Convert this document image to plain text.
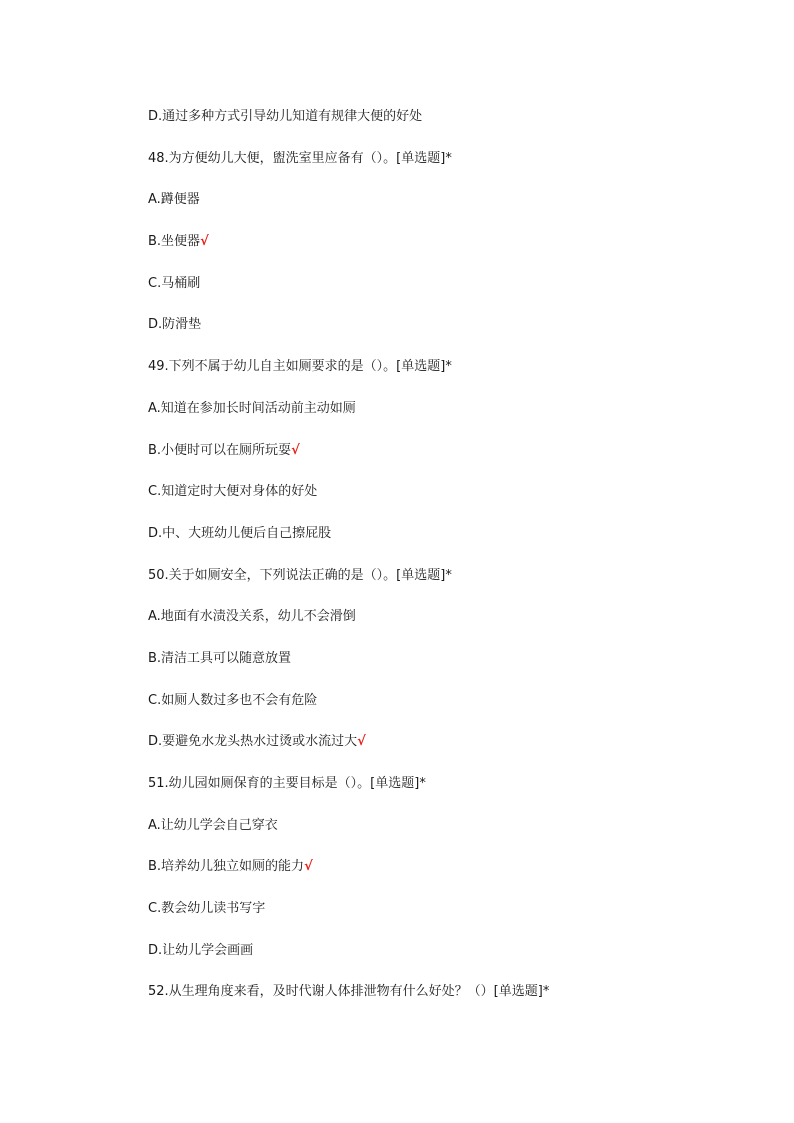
D.通过多种方式引导幼儿知道有规律大便的好处
48.为方便幼儿大便，盥洗室里应备有（）。[单选题]*
A.蹲便器
B.坐便器√
C.马桶刷
D.防滑垫
49.下列不属于幼儿自主如厕要求的是（）。[单选题]*
A.知道在参加长时间活动前主动如厕
B.小便时可以在厕所玩耍√
C.知道定时大便对身体的好处
D.中、大班幼儿便后自己擦屁股
50.关于如厕安全，下列说法正确的是（）。[单选题]*
A.地面有水渍没关系，幼儿不会滑倒
B.清洁工具可以随意放置
C.如厕人数过多也不会有危险
D.要避免水龙头热水过烫或水流过大√
51.幼儿园如厕保育的主要目标是（）。[单选题]*
A.让幼儿学会自己穿衣
B.培养幼儿独立如厕的能力√
C.教会幼儿读书写字
D.让幼儿学会画画
52.从生理角度来看，及时代谢人体排泄物有什么好处？（）[单选题]*
